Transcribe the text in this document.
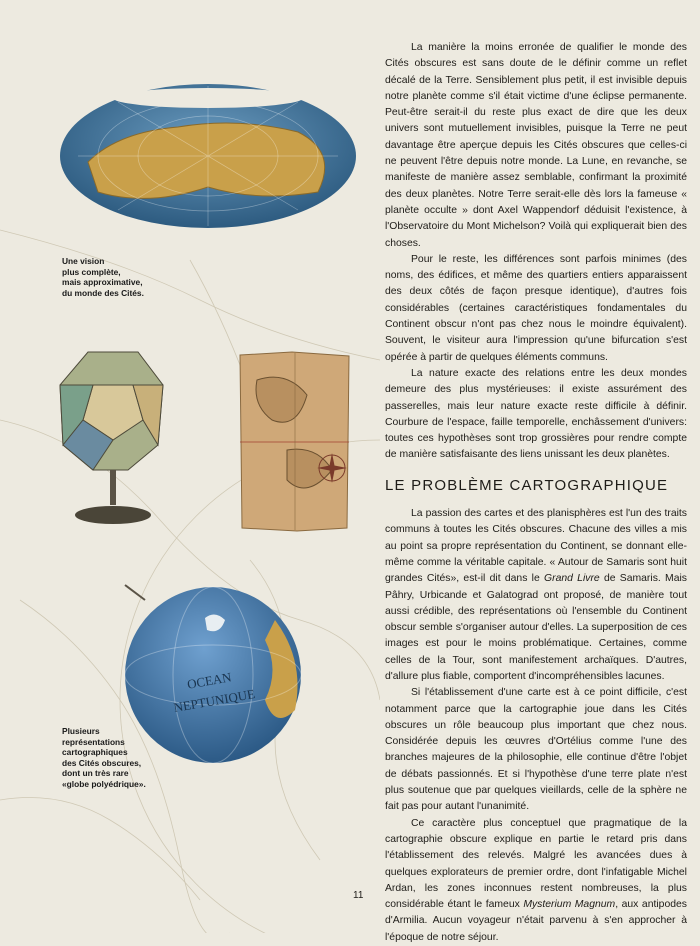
Une vision
plus complète,
mais approximative,
du monde des Cités.
OCEAN
NEPTUNIQUE
Plusieurs
représentations
cartographiques
des Cités obscures,
dont un très rare
«globe polyédrique».

La manière la moins erronée de qualifier le monde des Cités obscures est sans doute de le définir comme un reflet décalé de la Terre. Sensiblement plus petit, il est invisible depuis notre planète comme s'il était victime d'une éclipse permanente. Peut-être serait-il du reste plus exact de dire que les deux univers sont mutuellement invisibles, puisque la Terre ne peut davantage être aperçue depuis les Cités obscures que celles-ci ne peuvent l'être depuis notre monde. La Lune, en revanche, se manifeste de manière assez semblable, confirmant la proximité des deux planètes. Notre Terre serait-elle dès lors la fameuse « planète occulte » dont Axel Wappendorf déduisit l'existence, à l'Observatoire du Mont Michelson? Voilà qui expliquerait bien des choses.

Pour le reste, les différences sont parfois minimes (des noms, des édifices, et même des quartiers entiers apparaissent des deux côtés de façon presque identique), d'autres fois considérables (certaines caractéristiques fondamentales du Continent obscur n'ont pas chez nous le moindre équivalent). Souvent, le visiteur aura l'impression qu'une bifurcation s'est opérée à partir de quelques éléments communs.

La nature exacte des relations entre les deux mondes demeure des plus mystérieuses: il existe assurément des passerelles, mais leur nature exacte reste difficile à définir. Courbure de l'espace, faille temporelle, enchâssement d'univers: toutes ces hypothèses sont trop grossières pour rendre compte de manière satisfaisante des liens unissant les deux planètes.

LE PROBLÈME CARTOGRAPHIQUE

La passion des cartes et des planisphères est l'un des traits communs à toutes les Cités obscures. Chacune des villes a mis au point sa propre représentation du Continent, se donnant elle-même comme la véritable capitale. « Autour de Samaris sont huit grandes Cités», est-il dit dans le Grand Livre de Samaris. Mais Pâhry, Urbicande et Galatograd ont proposé, de manière tout aussi crédible, des représentations où l'ensemble du Continent obscur semble s'organiser autour d'elles. La superposition de ces images est pour le moins problématique. Certaines, comme celles de la Tour, sont manifestement archaïques. D'autres, d'allure plus fiable, comportent d'incompréhensibles lacunes.

Si l'établissement d'une carte est à ce point difficile, c'est notamment parce que la cartographie joue dans les Cités obscures un rôle beaucoup plus important que chez nous. Considérée depuis les œuvres d'Ortélius comme l'une des branches majeures de la philosophie, elle continue d'être l'objet de débats passionnés. Et si l'hypothèse d'une terre plate n'est plus soutenue que par quelques vieillards, celle de la sphère ne fait pas pour autant l'unanimité.

Ce caractère plus conceptuel que pragmatique de la cartographie obscure explique en partie le retard pris dans l'établissement des relevés. Malgré les avancées dues à quelques explorateurs de premier ordre, dont l'infatigable Michel Ardan, les zones inconnues restent nombreuses, la plus considérable étant le fameux Mysterium Magnum, aux antipodes d'Armilia. Aucun voyageur n'était parvenu à s'en approcher à l'époque de notre séjour.

11
